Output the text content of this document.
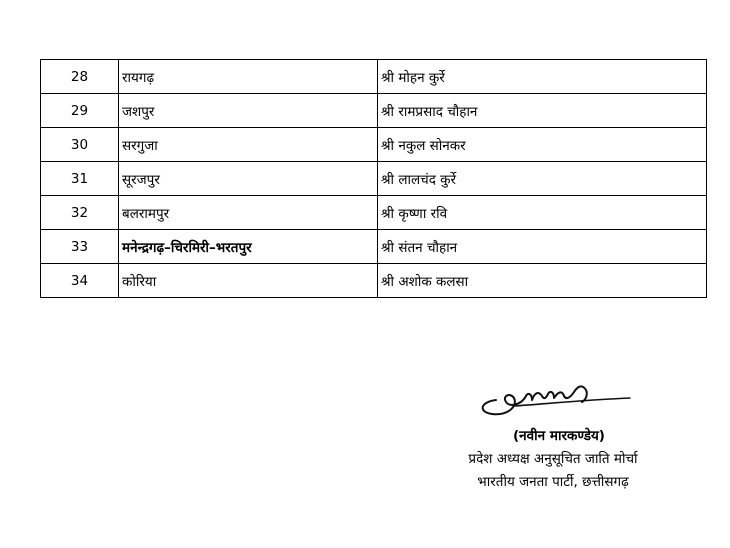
28	रायगढ़	श्री मोहन कुर्रे
29	जशपुर	श्री रामप्रसाद चौहान
30	सरगुजा	श्री नकुल सोनकर
31	सूरजपुर	श्री लालचंद कुर्रे
32	बलरामपुर	श्री कृष्णा रवि
33	मनेन्द्रगढ़–चिरमिरी–भरतपुर	श्री संतन चौहान
34	कोरिया	श्री अशोक कलसा
(नवीन मारकण्डेय)
प्रदेश अध्यक्ष अनुसूचित जाति मोर्चा
भारतीय जनता पार्टी, छत्तीसगढ़
